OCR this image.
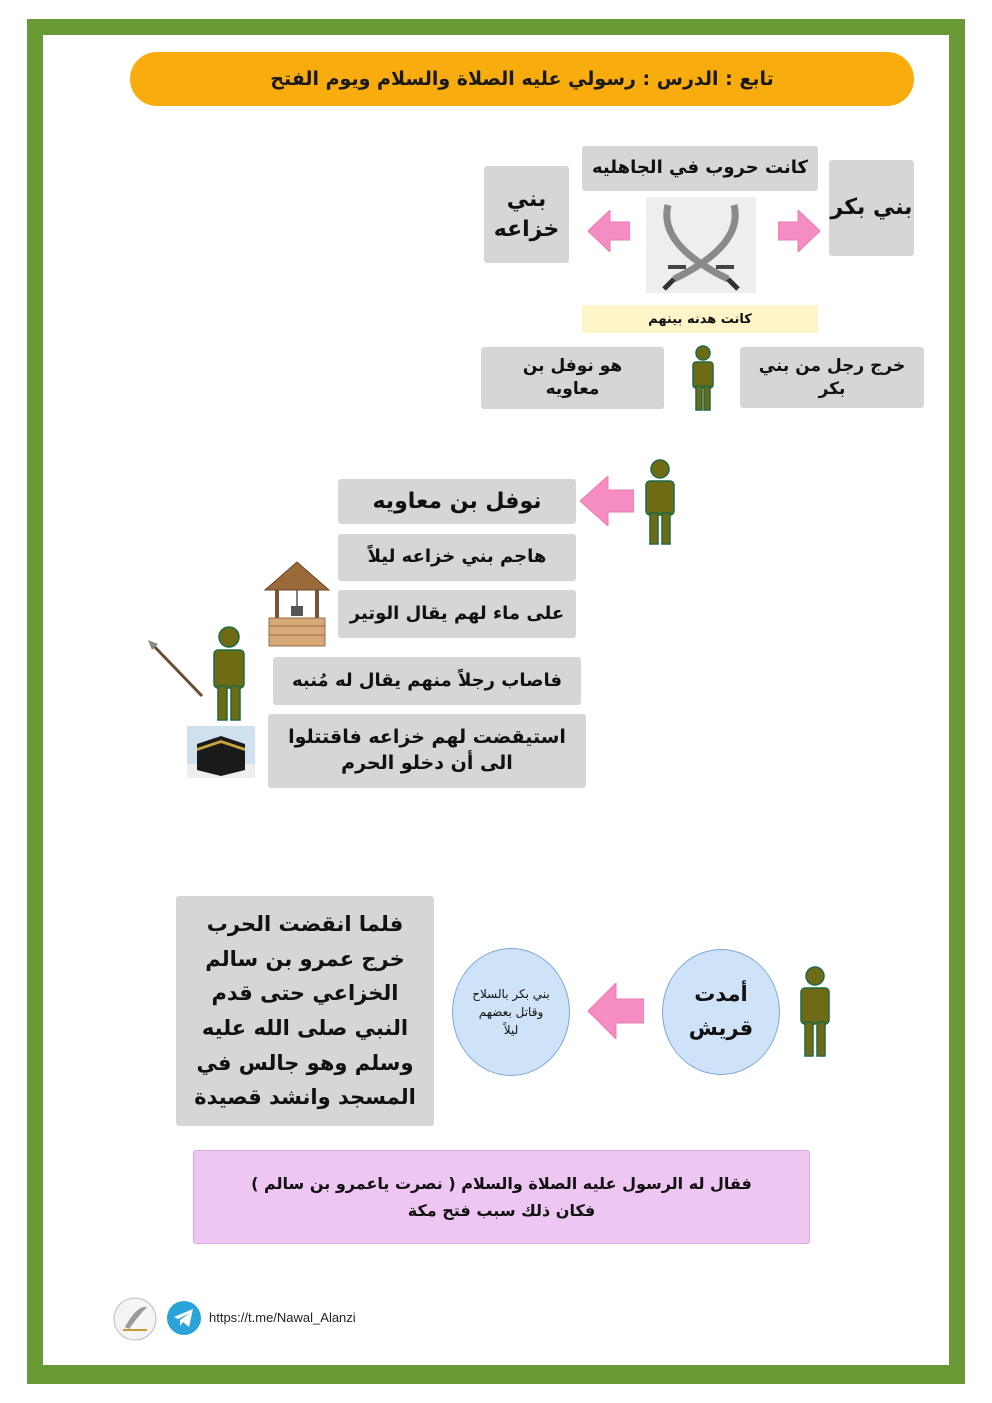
تابع : الدرس : رسولي عليه الصلاة والسلام ويوم الفتح
بني بكر
بني خزاعه
كانت حروب في الجاهليه
كانت هدنه بينهم
خرج رجل من بني بكر
هو نوفل بن معاويه
نوفل بن معاويه
هاجم بني خزاعه ليلاً
على ماء لهم يقال الوتير
فاصاب رجلاً منهم يقال له مُنبه
استيقضت لهم خزاعه فاقتتلوا الى أن دخلو الحرم
فلما انقضت الحرب خرج عمرو بن سالم الخزاعي حتى قدم النبي صلى الله عليه وسلم وهو جالس في المسجد وانشد قصيدة
بني بكر بالسلاح وقاتل بعضهم ليلاً
أمدت قريش
فقال له الرسول عليه الصلاة والسلام ( نصرت ياعمرو بن سالم )
فكان ذلك سبب فتح مكة
https://t.me/Nawal_Alanzi
